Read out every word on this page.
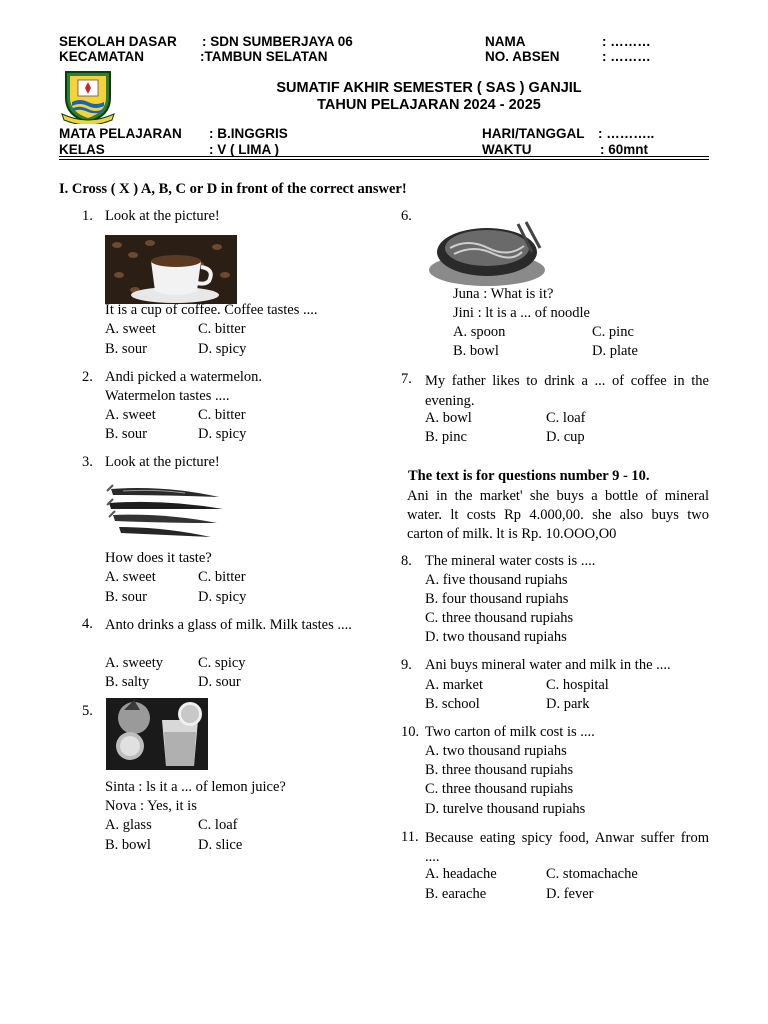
SEKOLAH DASAR : SDN SUMBERJAYA 06
KECAMATAN	:TAMBUN SELATAN
NAMA	: ………
NO. ABSEN	: ………
SUMATIF AKHIR SEMESTER ( SAS ) GANJIL
TAHUN PELAJARAN 2024 - 2025
MATA PELAJARAN : B.INGGRIS
KELAS	: V ( LIMA )
HARI/TANGGAL : ………..
WAKTU	: 60mnt
I. Cross ( X ) A, B, C or D in front of the correct answer!
1. Look at the picture!
It is a cup of coffee. Coffee tastes ....
A. sweet	C. bitter
B. sour	D. spicy
2. Andi picked a watermelon.
Watermelon tastes ....
A. sweet	C. bitter
B. sour	D. spicy
3. Look at the picture!
How does it taste?
A. sweet	C. bitter
B. sour	D. spicy
4. Anto drinks a glass of milk. Milk tastes ....
A. sweety C. spicy
B. salty	D. sour
5.
Sinta : ls it a ... of lemon juice?
Nova : Yes, it is
A. glass	C. loaf
B. bowl	D. slice
6.
Juna : What is it?
Jini : lt is a ... of noodle
A. spoon	C. pinc
B. bowl	D. plate
7. My father likes to drink a ... of coffee in the evening.
A. bowl	C. loaf
B. pinc	D. cup
The text is for questions number 9 - 10.
Ani in the market' she buys a bottle of mineral water. lt costs Rp 4.000,00. she also buys two carton of milk. lt is Rp. 10.OOO,O0
8. The mineral water costs is ....
A. five thousand rupiahs
B. four thousand rupiahs
C. three thousand rupiahs
D. two thousand rupiahs
9. Ani buys mineral water and milk in the ....
A. market	C. hospital
B. school	D. park
10. Two carton of milk cost is ....
A. two thousand rupiahs
B. three thousand rupiahs
C. three thousand rupiahs
D. turelve thousand rupiahs
11. Because eating spicy food, Anwar suffer from ....
A. headache	C. stomachache
B. earache	D. fever
